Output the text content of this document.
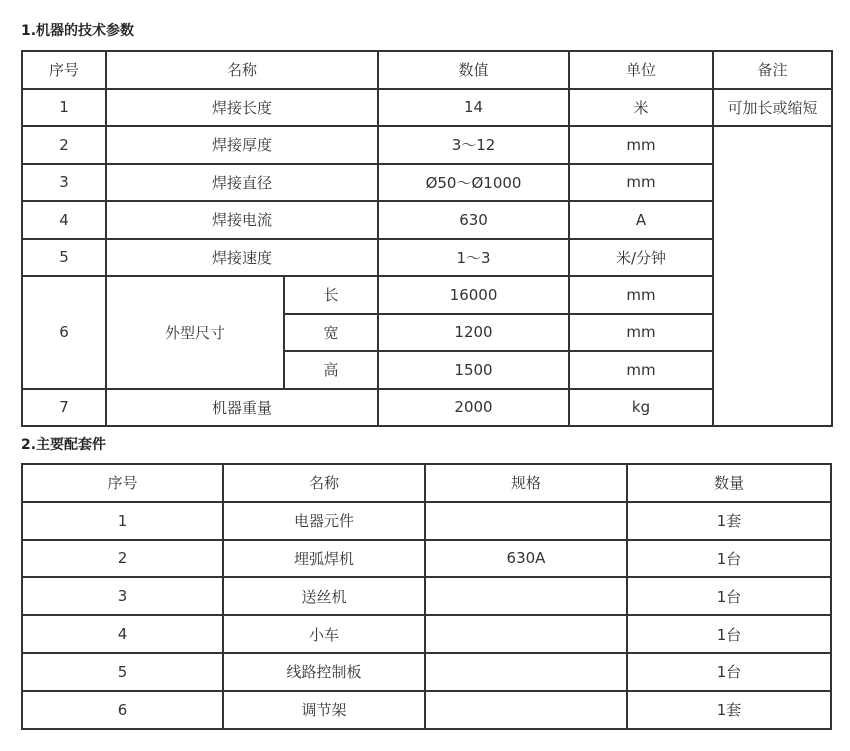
1.机器的技术参数
序号	名称		数值	单位	备注
1	焊接长度		14	米	可加长或缩短
2	焊接厚度		3～12	mm	
3	焊接直径		Ø50～Ø1000	mm	
4	焊接电流		630	A	
5	焊接速度		1～3	米/分钟	
6	外型尺寸	长	16000	mm	
		宽	1200	mm	
		高	1500	mm	
7	机器重量		2000	kg	
2.主要配套件
序号	名称	规格	数量
1	电器元件		1套
2	埋弧焊机	630A	1台
3	送丝机		1台
4	小车		1台
5	线路控制板		1台
6	调节架		1套
